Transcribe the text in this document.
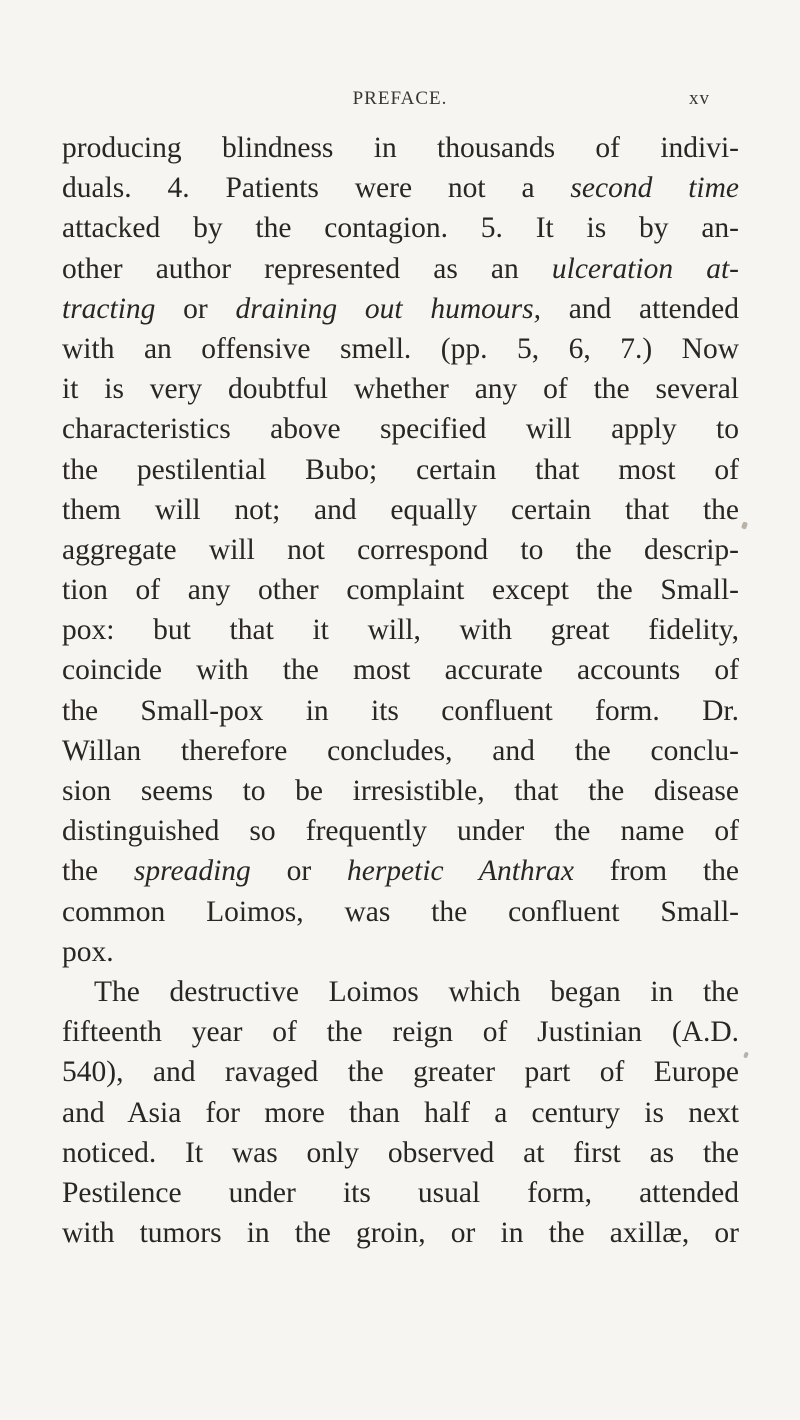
PREFACE.	xv
producing blindness in thousands of indivi-
duals. 4. Patients were not a second time
attacked by the contagion. 5. It is by an-
other author represented as an ulceration at-
tracting or draining out humours, and attended
with an offensive smell. (pp. 5, 6, 7.) Now
it is very doubtful whether any of the several
characteristics above specified will apply to
the pestilential Bubo; certain that most of
them will not; and equally certain that the
aggregate will not correspond to the descrip-
tion of any other complaint except the Small-
pox: but that it will, with great fidelity,
coincide with the most accurate accounts of
the Small-pox in its confluent form. Dr.
Willan therefore concludes, and the conclu-
sion seems to be irresistible, that the disease
distinguished so frequently under the name of
the spreading or herpetic Anthrax from the
common Loimos, was the confluent Small-
pox.
The destructive Loimos which began in the
fifteenth year of the reign of Justinian (A.D.
540), and ravaged the greater part of Europe
and Asia for more than half a century is next
noticed. It was only observed at first as the
Pestilence under its usual form, attended
with tumors in the groin, or in the axillæ, or
